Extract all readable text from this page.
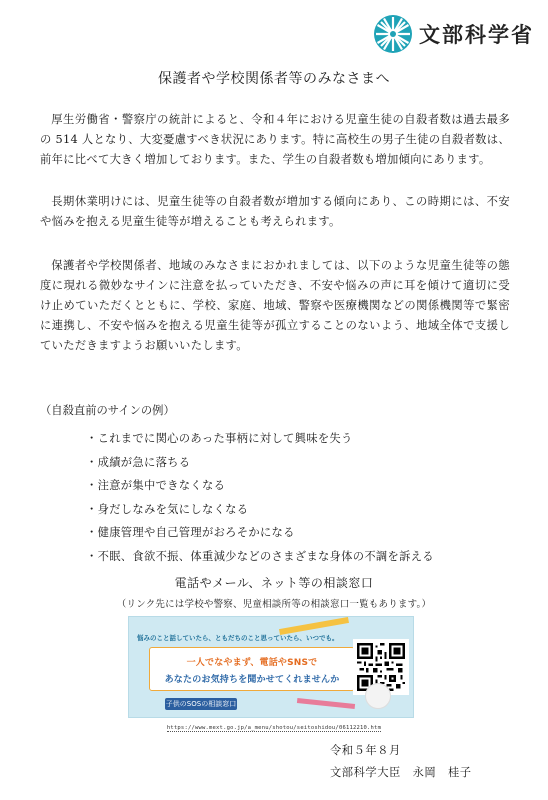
文部科学省
保護者や学校関係者等のみなさまへ

厚生労働省・警察庁の統計によると、令和４年における児童生徒の自殺者数は過去最多の 514 人となり、大変憂慮すべき状況にあります。特に高校生の男子生徒の自殺者数は、前年に比べて大きく増加しております。また、学生の自殺者数も増加傾向にあります。

長期休業明けには、児童生徒等の自殺者数が増加する傾向にあり、この時期には、不安や悩みを抱える児童生徒等が増えることも考えられます。

保護者や学校関係者、地域のみなさまにおかれましては、以下のような児童生徒等の態度に現れる微妙なサインに注意を払っていただき、不安や悩みの声に耳を傾けて適切に受け止めていただくとともに、学校、家庭、地域、警察や医療機関などの関係機関等で緊密に連携し、不安や悩みを抱える児童生徒等が孤立することのないよう、地域全体で支援していただきますようお願いいたします。

（自殺直前のサインの例）
・これまでに関心のあった事柄に対して興味を失う
・成績が急に落ちる
・注意が集中できなくなる
・身だしなみを気にしなくなる
・健康管理や自己管理がおろそかになる
・不眠、食欲不振、体重減少などのさまざまな身体の不調を訴える
電話やメール、ネット等の相談窓口
（リンク先には学校や警察、児童相談所等の相談窓口一覧もあります。）
悩みのこと話していたら、ともだちのこと思っていたら、いつでも。
一人でなやまず、電話やSNSで
あなたのお気持ちを聞かせてくれませんか
子供のSOSの相談窓口
https://www.mext.go.jp/a_menu/shotou/seitoshidou/06112210.htm
令和５年８月
文部科学大臣　永岡　桂子
